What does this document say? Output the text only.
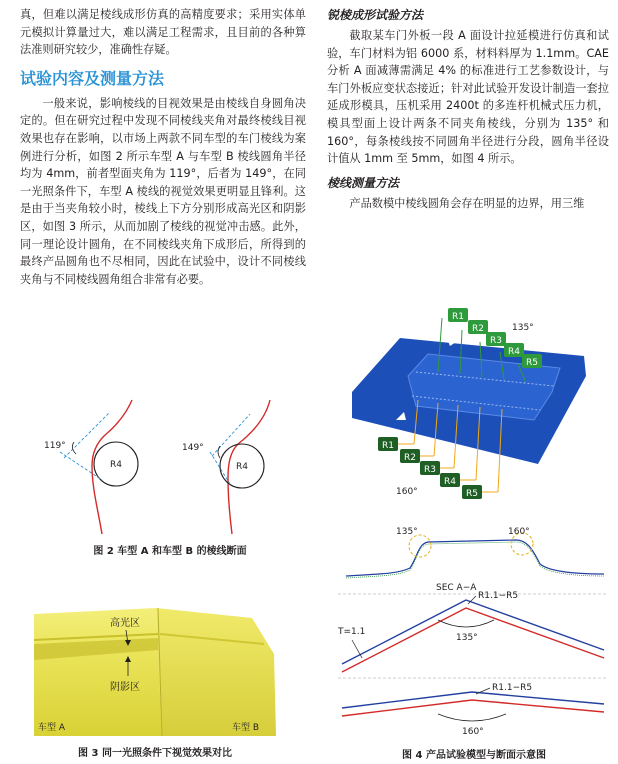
真，但难以满足棱线成形仿真的高精度要求；采用实体单元模拟计算量过大，难以满足工程需求，且目前的各种算法准则研究较少，准确性存疑。

试验内容及测量方法

一般来说，影响棱线的目视效果是由棱线自身圆角决定的。但在研究过程中发现不同棱线夹角对最终棱线目视效果也存在影响，以市场上两款不同车型的车门棱线为案例进行分析，如图 2 所示车型 A 与车型 B 棱线圆角半径均为 4mm，前者型面夹角为 119°，后者为 149°，在同一光照条件下，车型 A 棱线的视觉效果更明显且锋利。这是由于当夹角较小时，棱线上下方分别形成高光区和阴影区，如图 3 所示，从而加剧了棱线的视觉冲击感。此外，同一理论设计圆角，在不同棱线夹角下成形后，所得到的最终产品圆角也不尽相同，因此在试验中，设计不同棱线夹角与不同棱线圆角组合非常有必要。

锐棱成形试验方法

截取某车门外板一段 A 面设计拉延模进行仿真和试验，车门材料为铝 6000 系，材料料厚为 1.1mm。CAE 分析 A 面减薄需满足 4% 的标准进行工艺参数设计，与车门外板应变状态接近；针对此试验开发设计制造一套拉延成形模具，压机采用 2400t 的多连杆机械式压力机，模具型面上设计两条不同夹角棱线，分别为 135° 和 160°，每条棱线按不同圆角半径进行分段，圆角半径设计值从 1mm 至 5mm，如图 4 所示。

棱线测量方法

产品数模中棱线圆角会存在明显的边界，用三维

119°
R4
149°
R4
图 2 车型 A 和车型 B 的棱线断面
高光区
阴影区
车型 A	车型 B
图 3 同一光照条件下视觉效果对比
R1
R2
R3
R4
R5
135°
R1
R2
R3
R4
R5
160°
135°	160°
SEC A−A
135°
R1.1−R5
T=1.1
160°
R1.1−R5
图 4 产品试验模型与断面示意图
